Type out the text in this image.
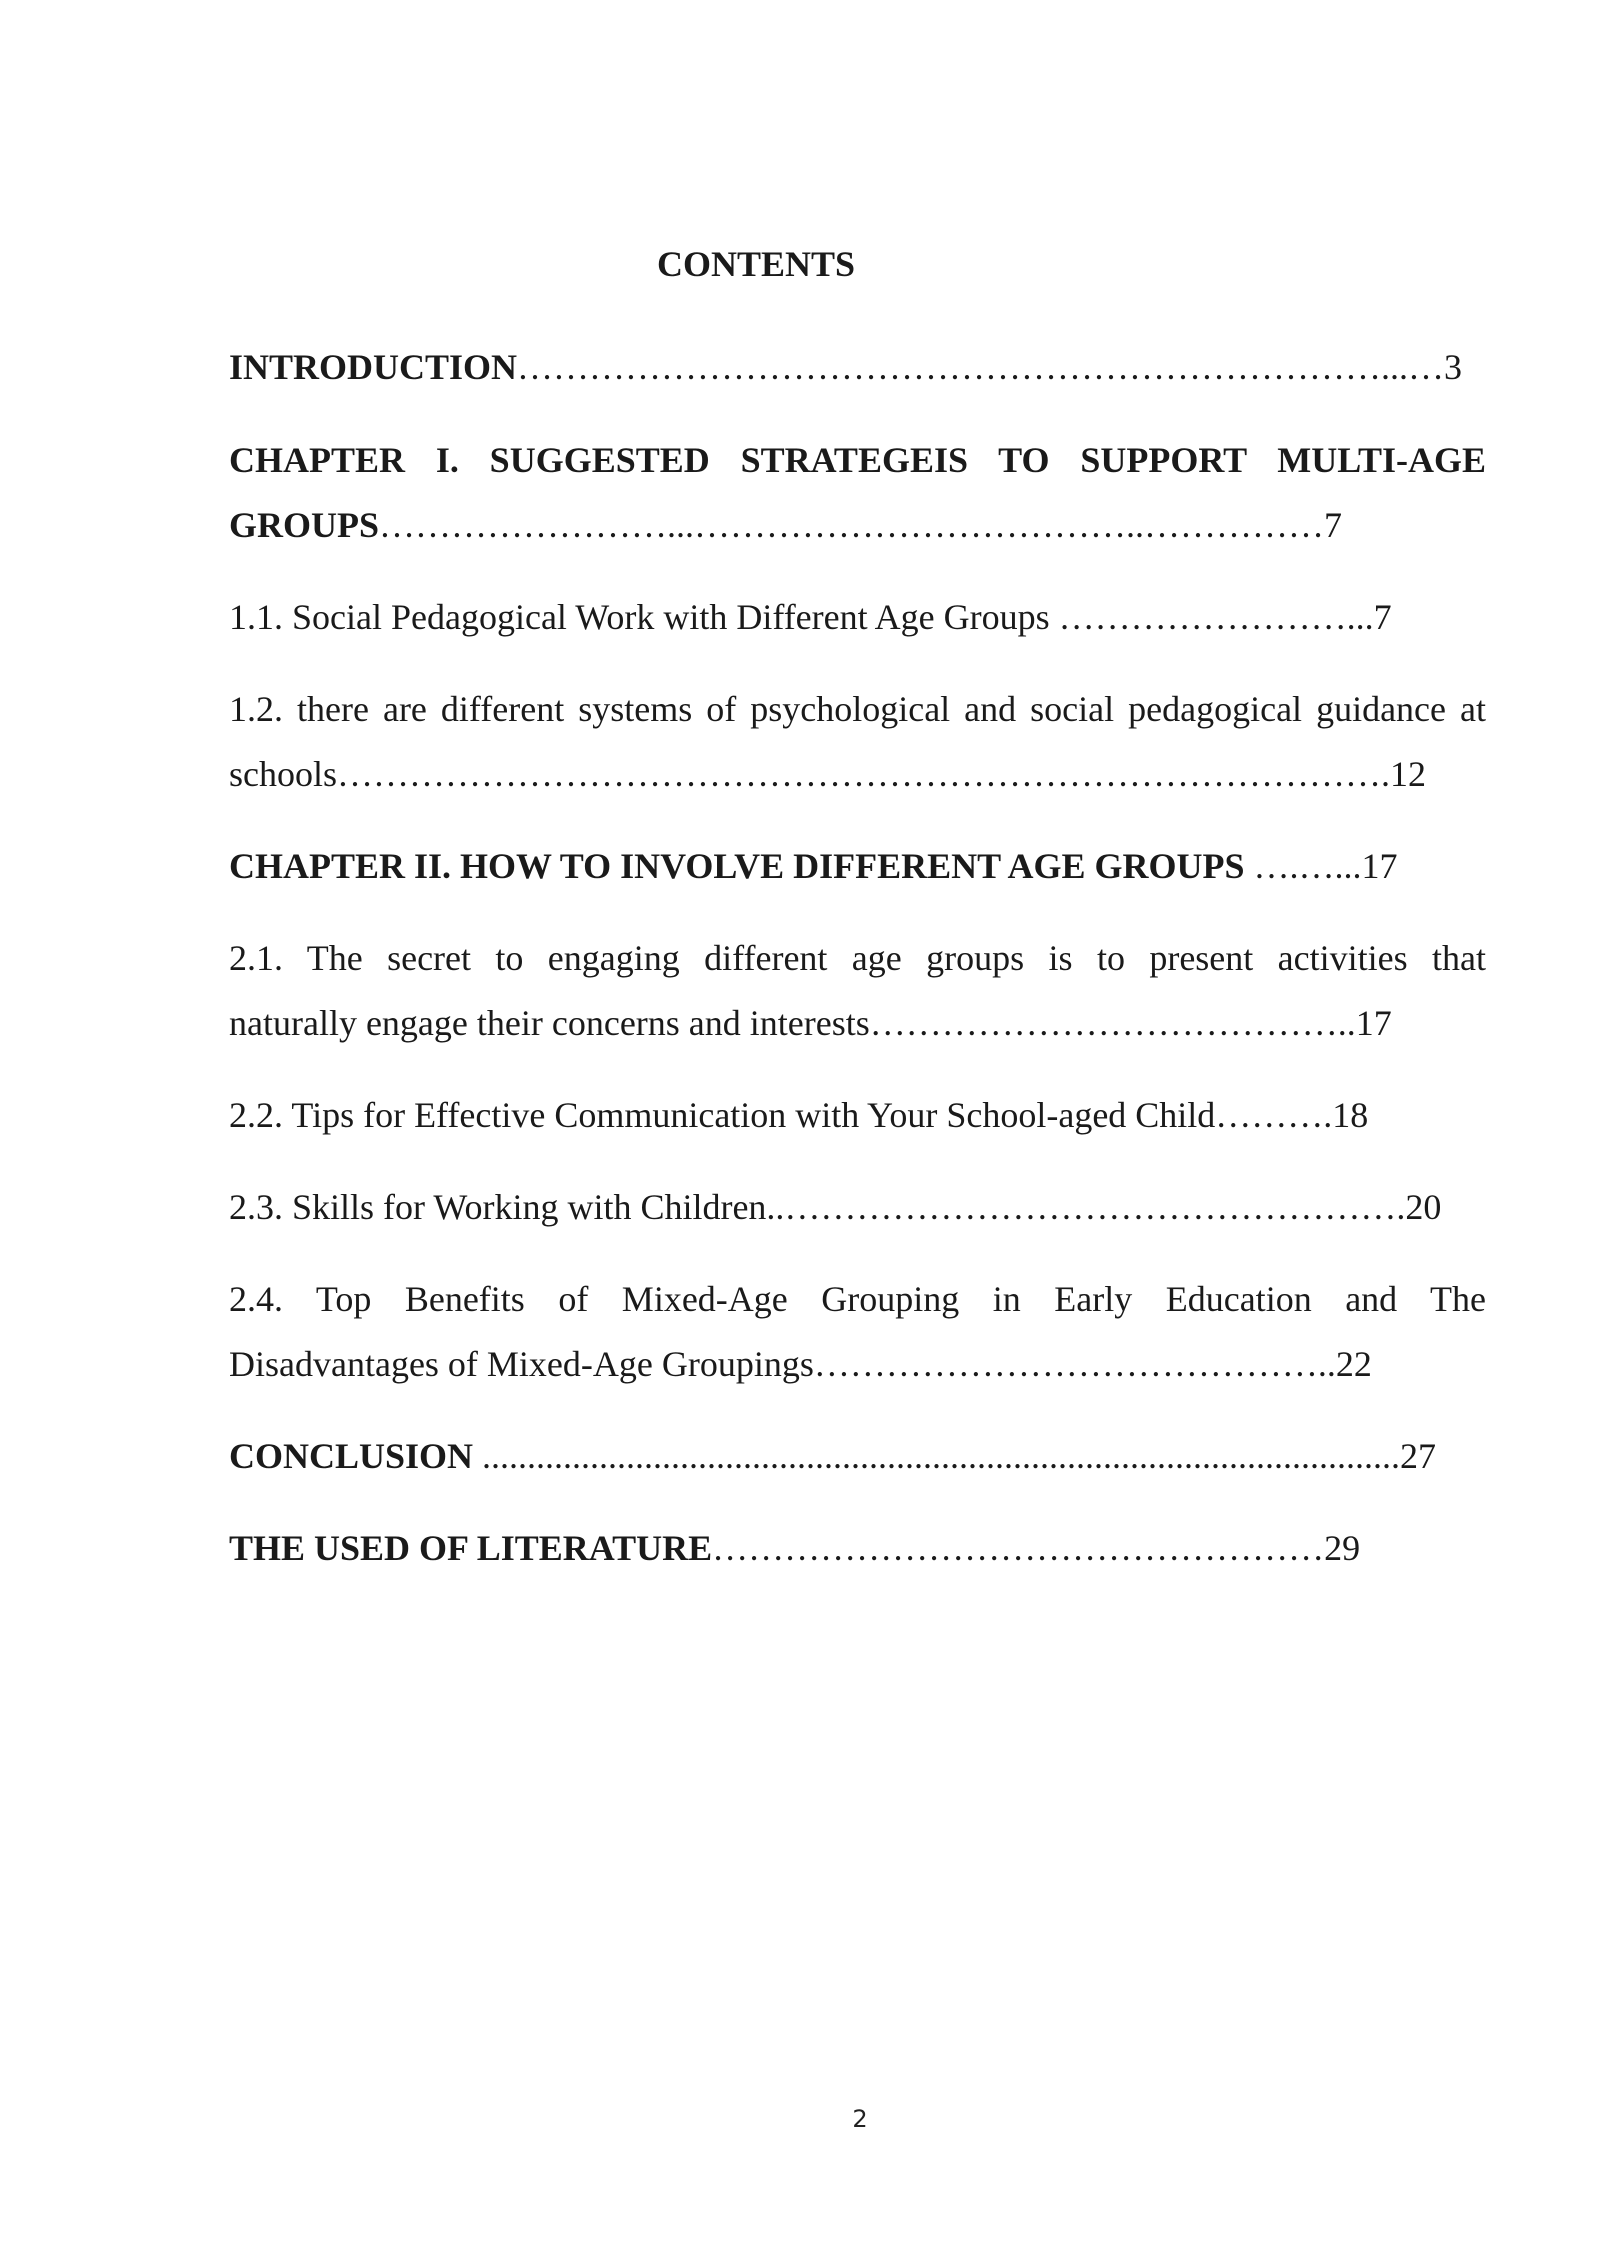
CONTENTS
INTRODUCTION………………………………………………………………...…3
CHAPTER I. SUGGESTED STRATEGEIS TO SUPPORT MULTI-AGE
GROUPS……………………...………………………………..……………7
1.1. Social Pedagogical Work with Different Age Groups ……………………...7
1.2. there are different systems of psychological and social pedagogical guidance at
schools…………………………………………………………………………….12
CHAPTER II. HOW TO INVOLVE DIFFERENT AGE GROUPS ….…...17
2.1. The secret to engaging different age groups is to present activities that
naturally engage their concerns and interests…………………………………..17
2.2. Tips for Effective Communication with Your School-aged Child……….18
2.3. Skills for Working with Children..…………………………………………….20
2.4. Top Benefits of Mixed-Age Grouping in Early Education and The
Disadvantages of Mixed-Age Groupings……………………………………..22
CONCLUSION ......................................................................................................27
THE USED OF LITERATURE……………………………………………29
2
